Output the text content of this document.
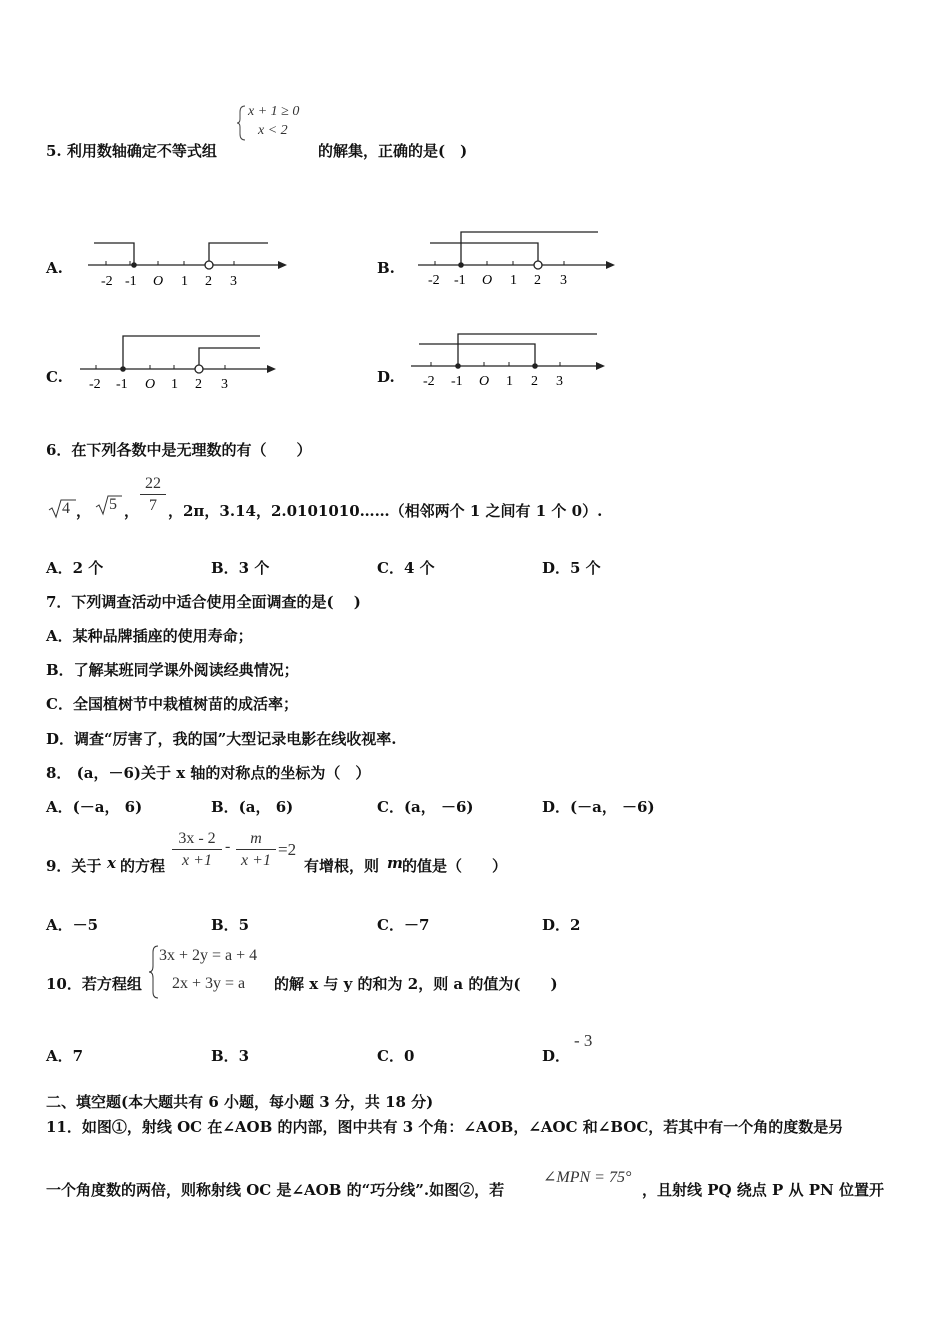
5. 利用数轴确定不等式组
x + 1 ≥ 0
x < 2
的解集，正确的是(　)
A.
-2 -1 O 1 2 3
B.
-2 -1 O 1 2 3
C. -2 -1 O 1 2 3	D. -2 -1 O 1 2 3
6．在下列各数中是无理数的有（　　）
4 ， 5 ， $\frac{22}{7}$ ，2π，3.14，2.0101010……（相邻两个 1 之间有 1 个 0）.
A．2 个	B．3 个	C．4 个	D．5 个
7．下列调查活动中适合使用全面调查的是(　 )
A．某种品牌插座的使用寿命；
B．了解某班同学课外阅读经典情况；
C．全国植树节中栽植树苗的成活率；
D．调查“厉害了，我的国”大型记录电影在线收视率.
8． (a，－6)关于 x 轴的对称点的坐标为（　）
A．(－a， 6)	B．(a， 6)	C．(a， －6)	D．(－a， －6)
9．关于 x 的方程 $\frac{3x - 2}{x +1} - \frac{m}{x +1} =2$
有增根，则 m 的值是（　　）
A．－5	B．5	C．－7	D．2
10．若方程组
3x + 2y = a + 4
2x + 3y = a 的解 x 与 y 的和为 2，则 a 的值为(　　)
A．7	B．3	C．0	D．
- 3
二、填空题(本大题共有 6 小题，每小题 3 分，共 18 分)
11．如图①，射线 OC 在∠AOB 的内部，图中共有 3 个角：∠AOB，∠AOC 和∠BOC，若其中有一个角的度数是另
一个角度数的两倍，则称射线 OC 是∠AOB 的“巧分线”.如图②，若
∠MPN = 75°
，且射线 PQ 绕点 P 从 PN 位置开
